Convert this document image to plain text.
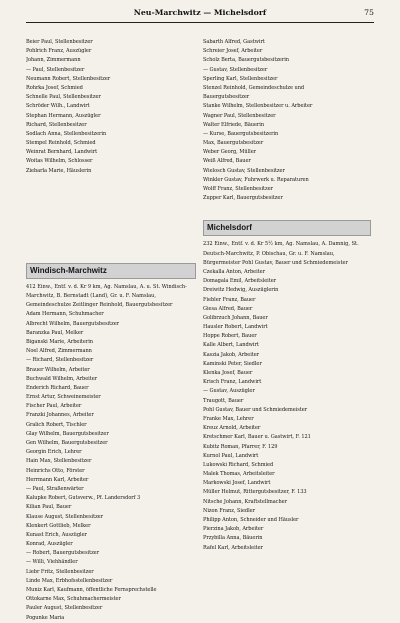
Neu-Marchwitz — Michelsdorf	75
Beier Paul, Stellenbesitzer
Pohlrich Franz, Auszügler
Johann, Zimmermann
— Paul, Stellenbesitzer
Neumann Robert, Stellenbesitzer
Rohrka Josef, Schmied
Schnelle Paul, Stellenbesitzer
Schröder Wilh., Landwirt
Stephan Hermann, Auszügler
Richard, Stellenbesitzer
Sodlach Anna, Stellenbesitzerin
Stempel Reinhold, Schmied
Weinrat Bernhard, Landwirt
Woitas Wilhelm, Schlosser
Ziebarla Marie, Häuslerin
Windisch-Marchwitz
412 Einw., Entf. v. d. Kr 9 km, Ag. Namslau, A. u. St. Windisch-Marchwitz, B. Bernstadt (Land), Gr. u. F. Namslau, Gemeindeschulze Zeitlinger Reinhold, Bauergutsbesitzer
Adam Hermann, Schuhmacher
Albrecht Wilhelm, Bauergutsbesitzer
Baranzka Paul, Melker
Biganski Marie, Arbeiterin
Noel Alfred, Zimmermann
— Richard, Stellenbesitzer
Brauer Wilhelm, Arbeiter
Buchwald Wilhelm, Arbeiter
Enderich Richard, Bauer
Ernst Artur, Schweinemeister
Fischer Paul, Arbeiter
Franzki Johannes, Arbeiter
Gralich Robert, Tischler
Glay Wilhelm, Bauergutsbesitzer
Gen Wilhelm, Bauergutsbesitzer
Georgin Erich, Lehrer
Hain Max, Stellenbesitzer
Heinrichs Otto, Förster
Herrmann Karl, Arbeiter
— Paul, Straßenwärter
Kalupke Robert, Gutsverw., Pf. Landersdorf 3
Kilian Paul, Bauer
Klause August, Stellenbesitzer
Klenkert Gottlieb, Melker
Kunast Erich, Auszügler
Konrad, Auszügler
— Robert, Bauergutsbesitzer
— Willi, Viehhändler
Liebr Fritz, Stellenbesitzer
Linde Max, Erbhofsstellenbesitzer
Muniz Karl, Kaufmann, öffentliche Fernsprechstelle
Ottokarne Max, Schuhmachermeister
Pauler August, Stellenbesitzer
Pogunke Maria
Sabarth Alfred, Gastwirt
Schreier Josef, Arbeiter
Scholz Berta, Bauergutsbesitzerin
— Gustav, Stellenbesitzer
Sperling Karl, Stellenbesitzer
Stenzel Reinhold, Gemeindeschulze und
Bauergutsbesitzer
Stanke Wilhelm, Stellenbesitzer u. Arbeiter
Wagner Paul, Stellenbesitzer
Walter Elfriede, Bäuerin
— Kurse, Bauergutsbesitzerin
Max, Bauergutsbesitzer
Weber Georg, Müller
Weiß Alfred, Bauer
Wielosch Gustav, Stellenbesitzer
Winkler Gustav, Fuhrwerk u. Reparaturen
Wolff Franz, Stellenbesitzer
Zupper Karl, Bauergutsbesitzer
Michelsdorf
232 Einw., Entf. v. d. Kr 5½ km, Ag. Namslau, A. Damnig, St. Deutsch-Marchwitz, P. Obischau, Gr. u. F. Namslau, Bürgermeister Pohl Gustav, Bauer und Schmiedemeister
Czekalla Anton, Arbeiter
Domagala Emil, Arbeitsleiter
Dreiwitz Hedwig, Auszüglerin
Fiebler Franz, Bauer
Giesa Alfred, Bauer
Golibrzuch Johann, Bauer
Hausler Robert, Landwirt
Hoppe Robert, Bauer
Kalle Albert, Landwirt
Kaszia Jakob, Arbeiter
Kaminski Peter, Siedler
Klenka Josef, Bauer
Krisch Franz, Landwirt
— Gustav, Auszügler
Traugott, Bauer
Pohl Gustav, Bauer und Schmiedemeister
Franke Max, Lehrer
Kreuz Arnold, Arbeiter
Kretschmer Karl, Bauer u. Gastwirt, F. 121
Kubitz Roman, Pfarrer, F. 129
Kurnol Paul, Landwirt
Lukowski Richard, Schmied
Malek Thomas, Arbeitsleiter
Markowski Josef, Landwirt
Müller Helmut, Rittergutsbesitzer, F. 133
Nitsche Johann, Kraftstellmacher
Nizon Franz, Siedler
Philipp Anton, Schneider und Häusler
Pierzina Jakob, Arbeiter
Przybilla Anna, Bäuerin
Rafel Karl, Arbeitsleiter
